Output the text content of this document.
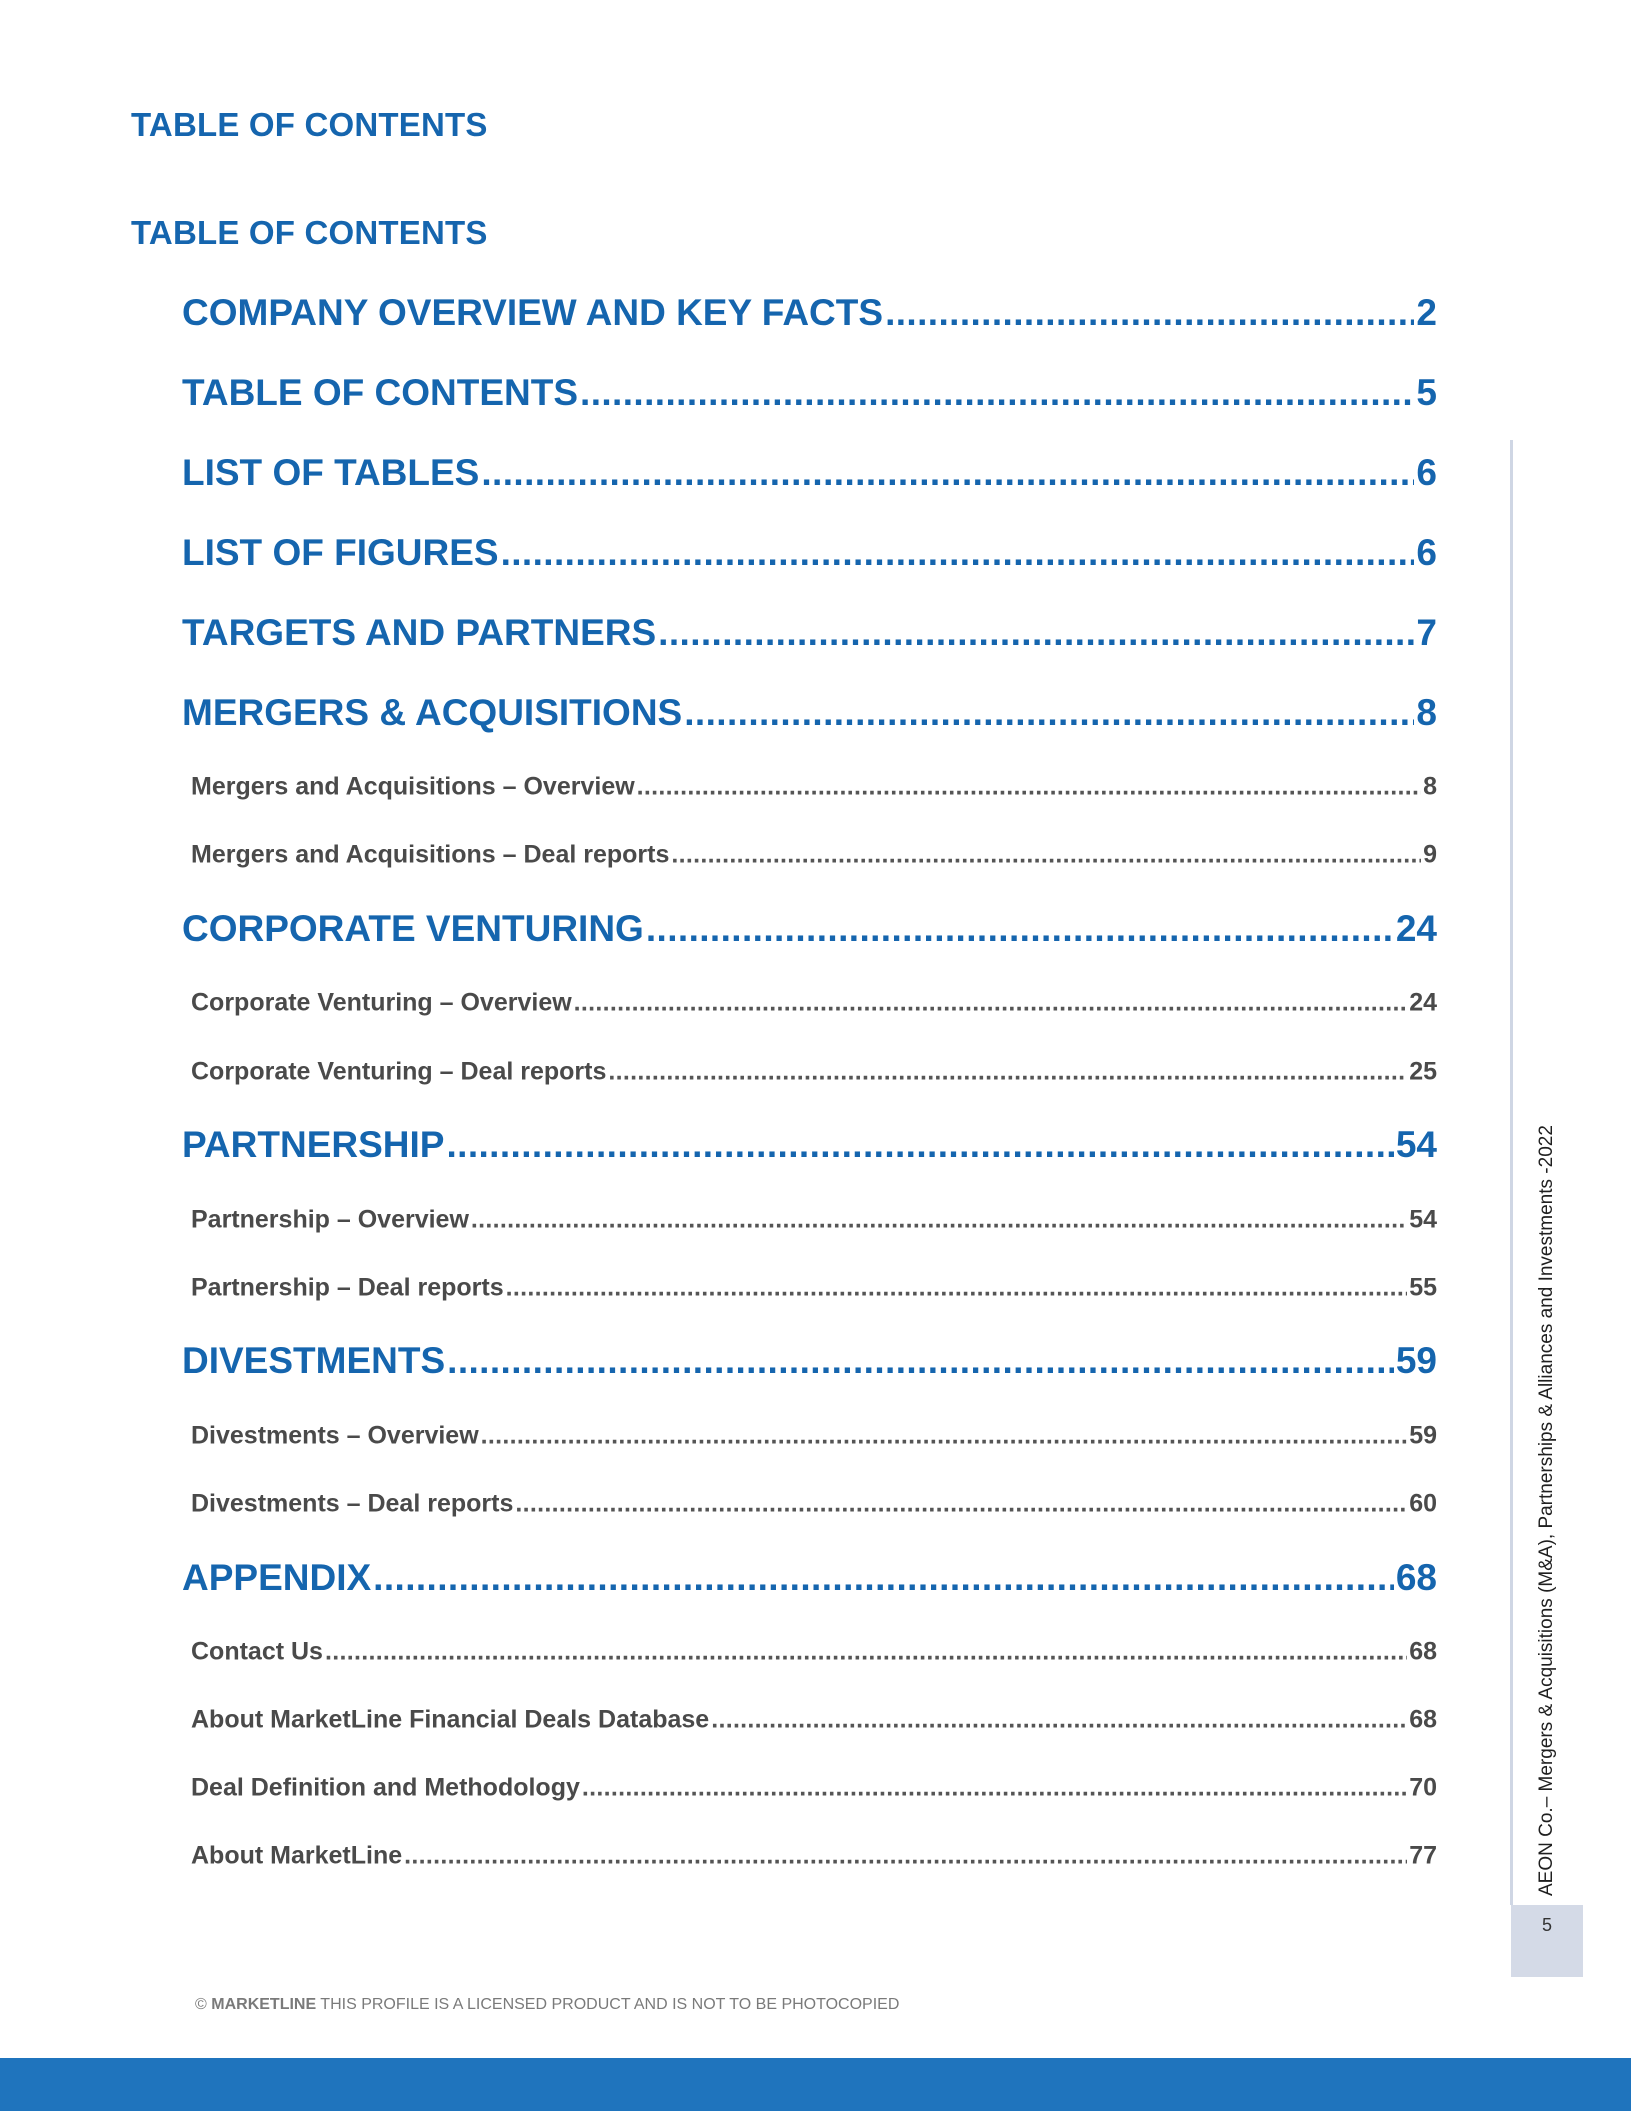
TABLE OF CONTENTS
TABLE OF CONTENTS
COMPANY OVERVIEW AND KEY FACTS .....	2
TABLE OF CONTENTS .....	5
LIST OF TABLES .....	6
LIST OF FIGURES .....	6
TARGETS AND PARTNERS .....	7
MERGERS & ACQUISITIONS .....	8
Mergers and Acquisitions – Overview .....	8
Mergers and Acquisitions – Deal reports .....	9
CORPORATE VENTURING .....	24
Corporate Venturing – Overview .....	24
Corporate Venturing – Deal reports .....	25
PARTNERSHIP .....	54
Partnership – Overview .....	54
Partnership – Deal reports .....	55
DIVESTMENTS .....	59
Divestments – Overview .....	59
Divestments – Deal reports .....	60
APPENDIX .....	68
Contact Us .....	68
About MarketLine Financial Deals Database .....	68
Deal Definition and Methodology .....	70
About MarketLine .....	77	AEON Co.– Mergers & Acquisitions (M&A), Partnerships & Alliances and Investments -2022
5
© MARKETLINE THIS PROFILE IS A LICENSED PRODUCT AND IS NOT TO BE PHOTOCOPIED
